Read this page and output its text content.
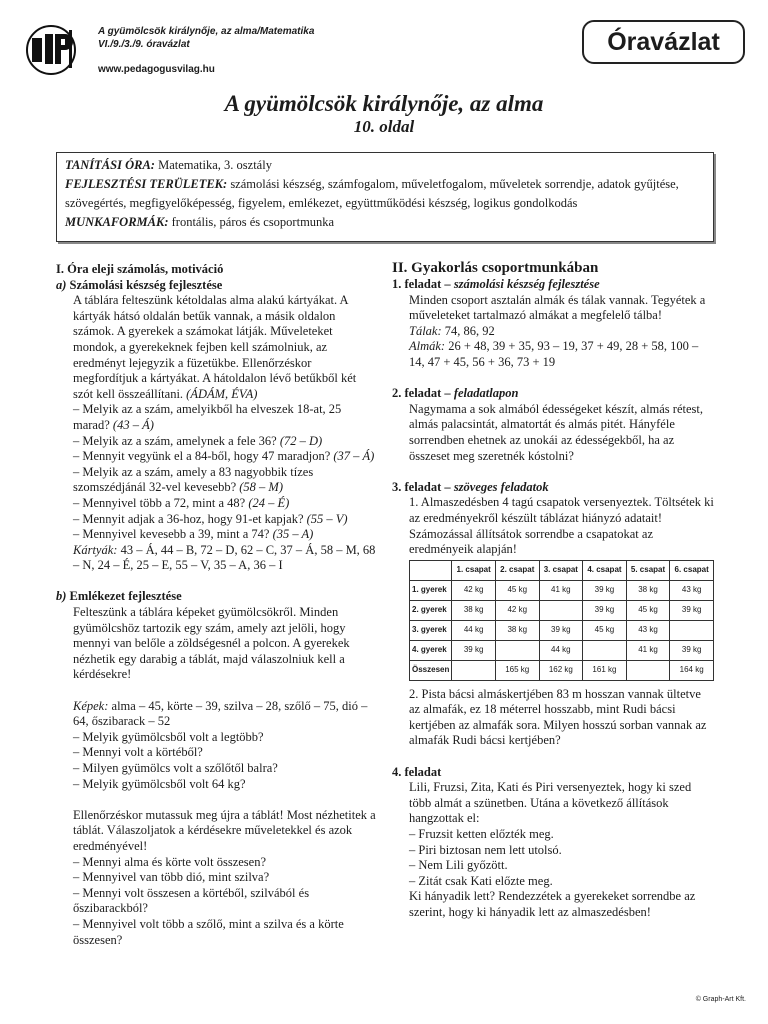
A gyümölcsök királynője, az alma/Matematika
VI./9./3./9. óravázlat
www.pedagogusvilag.hu
Óravázlat
A gyümölcsök királynője, az alma
10. oldal
TANÍTÁSI ÓRA: Matematika, 3. osztály
FEJLESZTÉSI TERÜLETEK: számolási készség, számfogalom, műveletfogalom, műveletek sorrendje, adatok gyűjtése, szövegértés, megfigyelőképesség, figyelem, emlékezet, együttműködési készség, logikus gondolkodás
MUNKAFORMÁK: frontális, páros és csoportmunka
I. Óra eleji számolás, motiváció
a) Számolási készség fejlesztése

A táblára felteszünk kétoldalas alma alakú kártyákat. A kártyák hátsó oldalán betűk vannak, a másik oldalon számok. A gyerekek a számokat látják. Műveleteket mondok, a gyerekeknek fejben kell számolniuk, az eredményt lejegyzik a füzetükbe. Ellenőrzéskor megfordítjuk a kártyákat. A hátoldalon lévő betűkből két szót kell összeállítani. (ÁDÁM, ÉVA)

– Melyik az a szám, amelyikből ha elveszek 18-at, 25 marad? (43 – Á)

– Melyik az a szám, amelynek a fele 36? (72 – D)

– Mennyit vegyünk el a 84-ből, hogy 47 maradjon? (37 – Á)

– Melyik az a szám, amely a 83 nagyobbik tízes szomszédjánál 32-vel kevesebb? (58 – M)

– Mennyivel több a 72, mint a 48? (24 – É)

– Mennyit adjak a 36-hoz, hogy 91-et kapjak? (55 – V)

– Mennyivel kevesebb a 39, mint a 74? (35 – A)

Kártyák: 43 – Á, 44 – B, 72 – D, 62 – C, 37 – Á, 58 – M, 68 – N, 24 – É, 25 – E, 55 – V, 35 – A, 36 – I

b) Emlékezet fejlesztése

Felteszünk a táblára képeket gyümölcsökről. Minden gyümölcshöz tartozik egy szám, amely azt jelöli, hogy mennyi van belőle a zöldségesnél a polcon. A gyerekek nézhetik egy darabig a táblát, majd válaszolniuk kell a kérdésekre!

Képek: alma – 45, körte – 39, szilva – 28, szőlő – 75, dió – 64, őszibarack – 52

– Melyik gyümölcsből volt a legtöbb?

– Mennyi volt a körtéből?

– Milyen gyümölcs volt a szőlőtől balra?

– Melyik gyümölcsből volt 64 kg?

Ellenőrzéskor mutassuk meg újra a táblát! Most nézhetitek a táblát. Válaszoljatok a kérdésekre műveletekkel és azok eredményével!

– Mennyi alma és körte volt összesen?

– Mennyivel van több dió, mint szilva?

– Mennyi volt összesen a körtéből, szilvából és őszibarackból?

– Mennyivel volt több a szőlő, mint a szilva és a körte összesen?

II. Gyakorlás csoportmunkában
1. feladat – számolási készség fejlesztése

Minden csoport asztalán almák és tálak vannak. Tegyétek a műveleteket tartalmazó almákat a megfelelő tálba!

Tálak: 74, 86, 92

Almák: 26 + 48, 39 + 35, 93 – 19, 37 + 49, 28 + 58, 100 – 14, 47 + 45, 56 + 36, 73 + 19

2. feladat – feladatlapon

Nagymama a sok almából édességeket készít, almás rétest, almás palacsintát, almatortát és almás pitét. Hányféle sorrendben ehetnek az unokái az édességekből, ha az összeset meg szeretnék kóstolni?

3. feladat – szöveges feladatok

1. Almaszedésben 4 tagú csapatok versenyeztek. Töltsétek ki az eredményekről készült táblázat hiányzó adatait! Számozással állítsátok sorrendbe a csapatokat az eredményeik alapján!

	1. csapat	2. csapat	3. csapat	4. csapat	5. csapat	6. csapat
1. gyerek	42 kg	45 kg	41 kg	39 kg	38 kg	43 kg
2. gyerek	38 kg	42 kg		39 kg	45 kg	39 kg
3. gyerek	44 kg	38 kg	39 kg	45 kg	43 kg	
4. gyerek	39 kg		44 kg		41 kg	39 kg
Összesen		165 kg	162 kg	161 kg		164 kg

2. Pista bácsi almáskertjében 83 m hosszan vannak ültetve az almafák, ez 18 méterrel hosszabb, mint Rudi bácsi kertjében az almafák sora. Milyen hosszú sorban vannak az almafák Rudi bácsi kertjében?

4. feladat

Lili, Fruzsi, Zita, Kati és Piri versenyeztek, hogy ki szed több almát a szünetben. Utána a következő állítások hangzottak el:

– Fruzsit ketten előzték meg.

– Piri biztosan nem lett utolsó.

– Nem Lili győzött.

– Zitát csak Kati előzte meg.

Ki hányadik lett? Rendezzétek a gyerekeket sorrendbe az szerint, hogy ki hányadik lett az almaszedésben!

© Graph-Art Kft.
